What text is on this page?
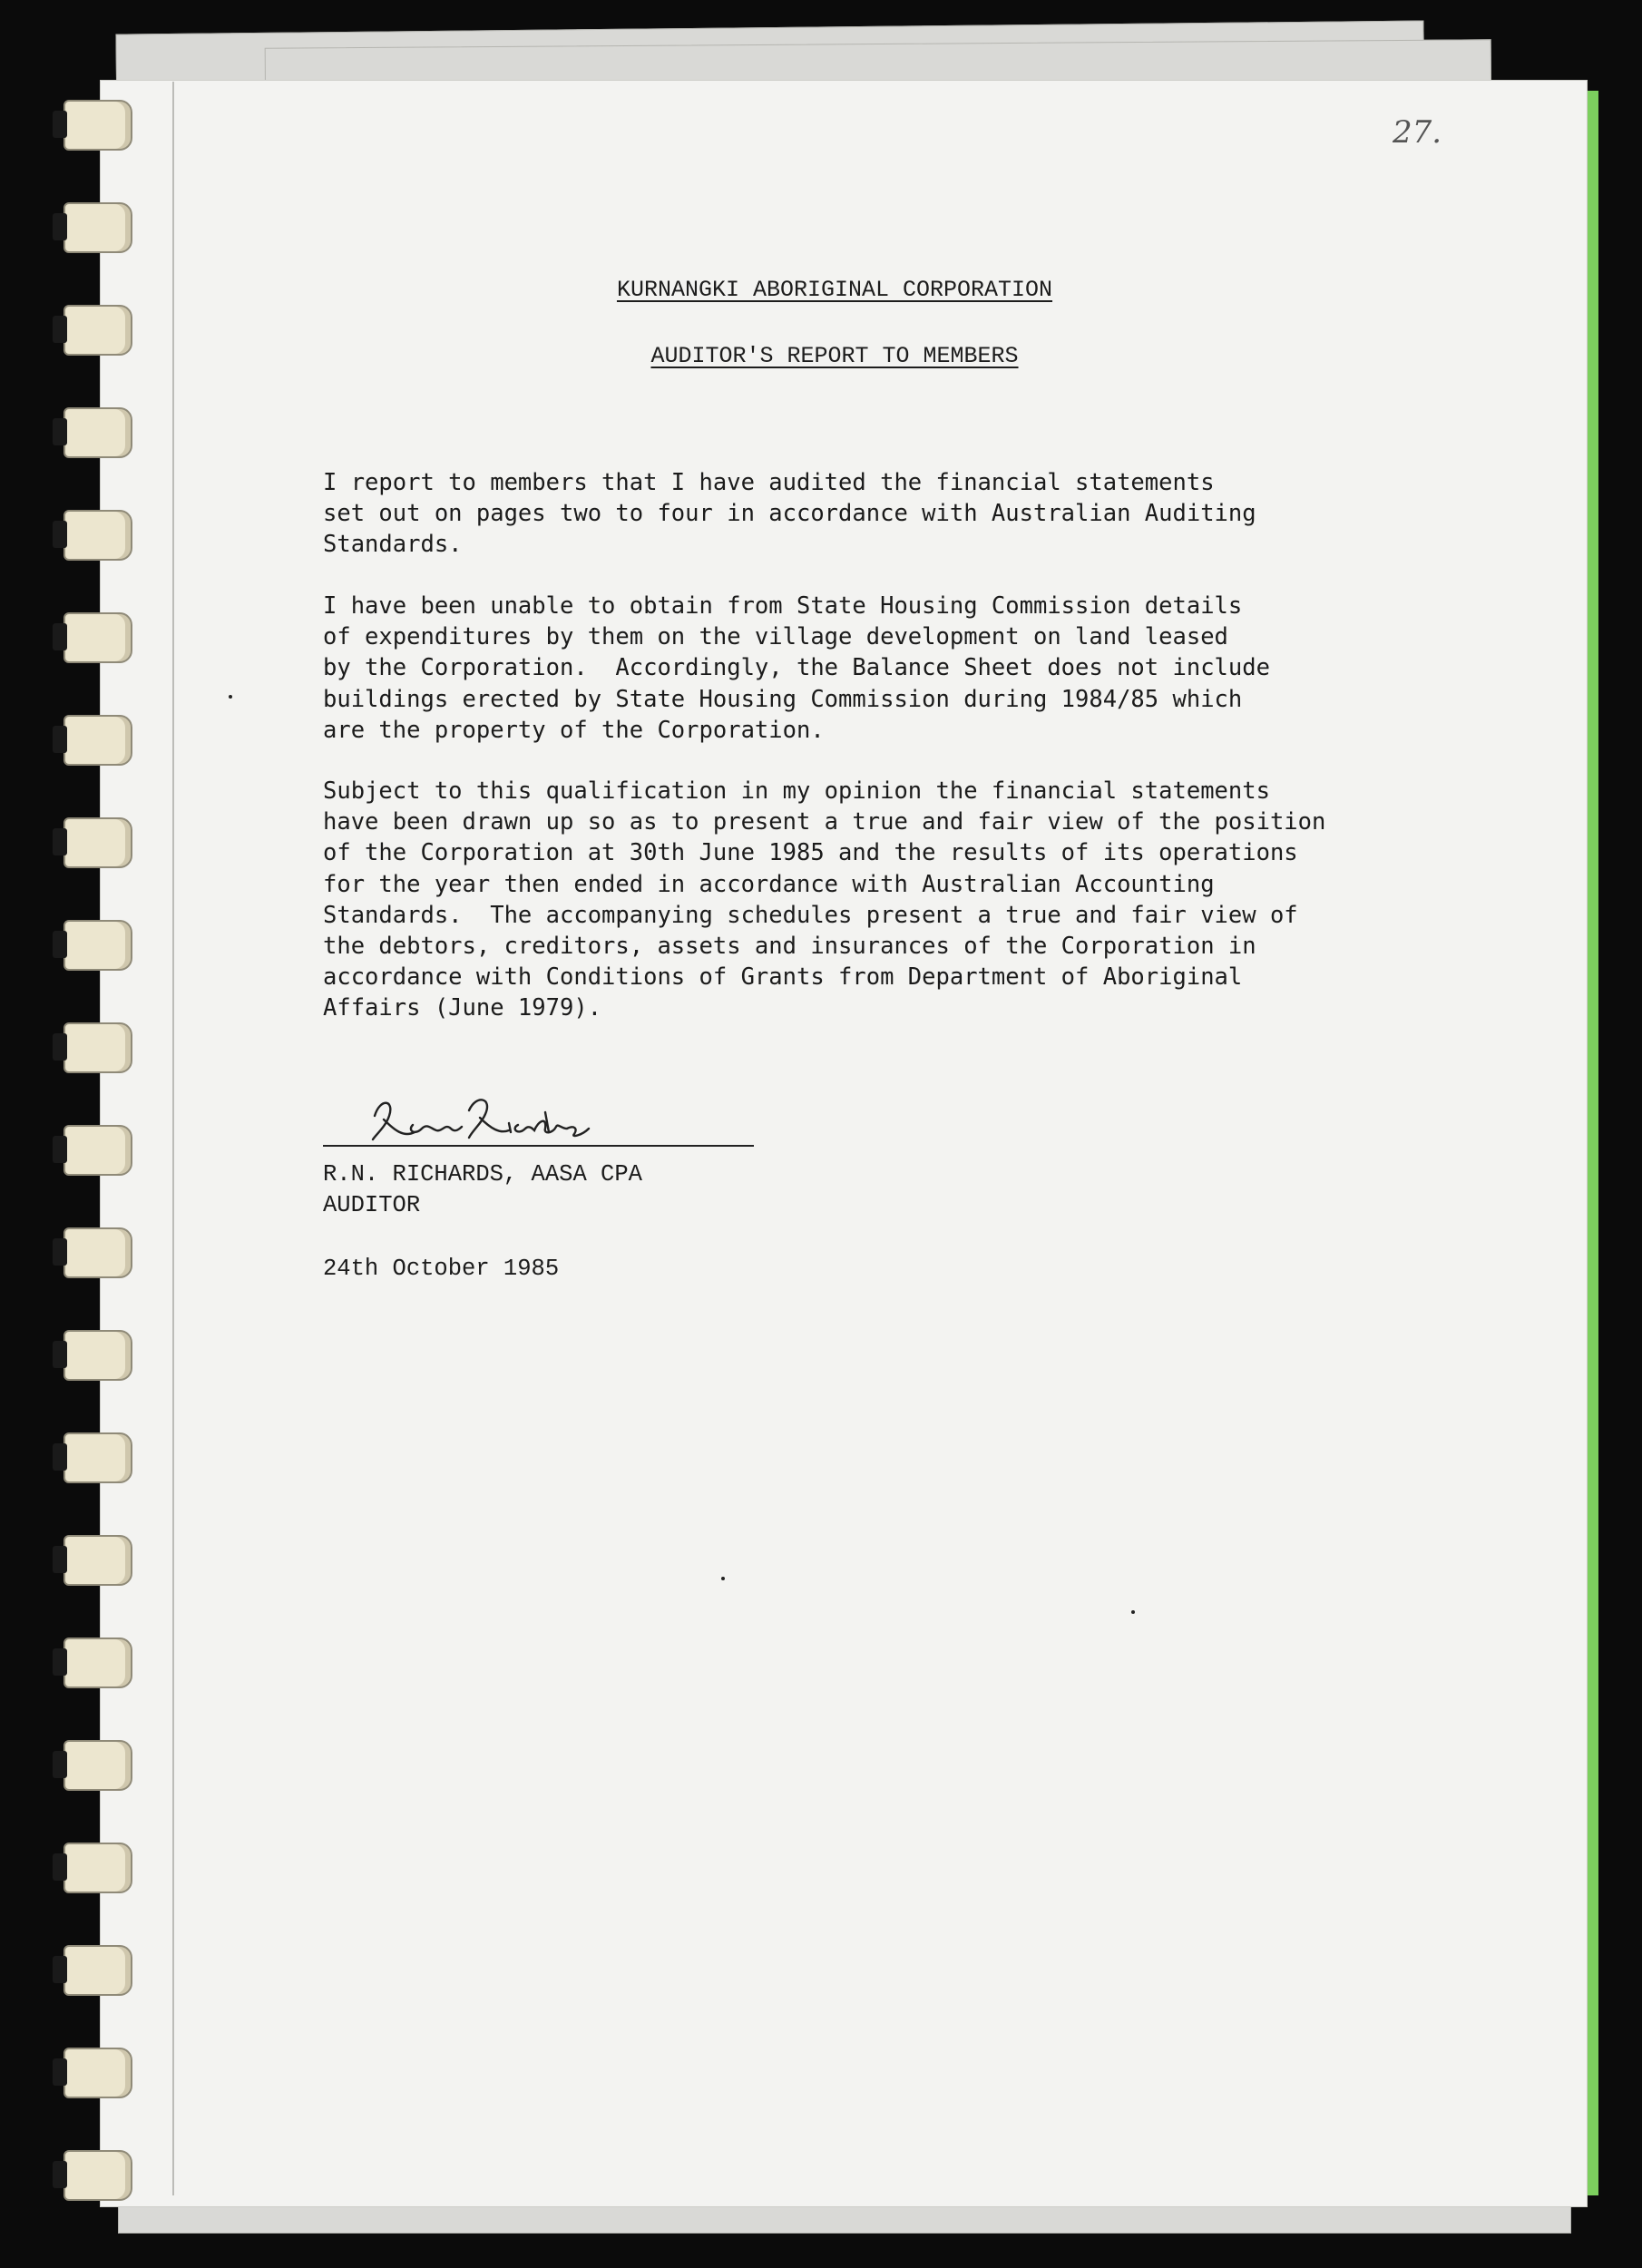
27.
KURNANGKI ABORIGINAL CORPORATION
AUDITOR'S REPORT TO MEMBERS
I report to members that I have audited the financial statements
set out on pages two to four in accordance with Australian Auditing
Standards.
I have been unable to obtain from State Housing Commission details
of expenditures by them on the village development on land leased
by the Corporation.  Accordingly, the Balance Sheet does not include
buildings erected by State Housing Commission during 1984/85 which
are the property of the Corporation.
Subject to this qualification in my opinion the financial statements
have been drawn up so as to present a true and fair view of the position
of the Corporation at 30th June 1985 and the results of its operations
for the year then ended in accordance with Australian Accounting
Standards.  The accompanying schedules present a true and fair view of
the debtors, creditors, assets and insurances of the Corporation in
accordance with Conditions of Grants from Department of Aboriginal
Affairs (June 1979).
R.N. RICHARDS, AASA CPA
AUDITOR
24th October 1985
